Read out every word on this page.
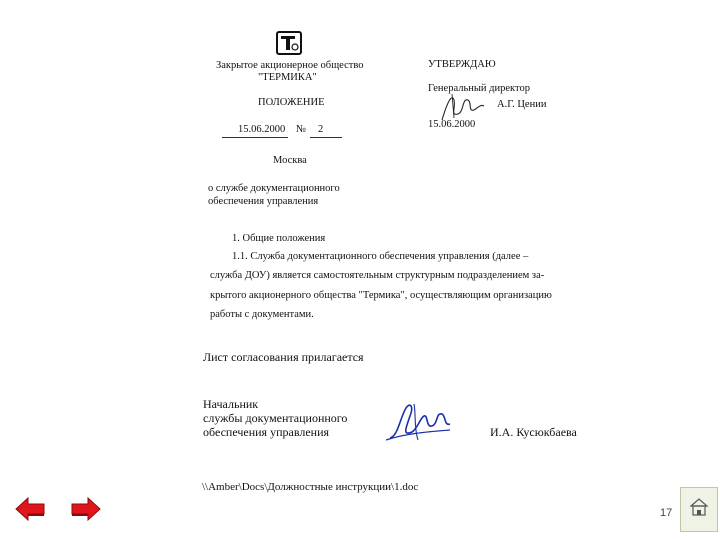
Закрытое акционерное общество
"ТЕРМИКА"
ПОЛОЖЕНИЕ
15.06.2000 № 2
Москва
УТВЕРЖДАЮ
Генеральный директор
А.Г. Цении
15.06.2000
о службе документационного
обеспечения управления
1. Общие положения
1.1. Служба документационного обеспечения управления (далее –
служба ДОУ) является самостоятельным структурным подразделением за-
крытого акционерного общества "Термика", осуществляющим организацию
работы с документами.
Лист согласования прилагается
Начальник
службы документационного
обеспечения управления	И.А. Кусюкбаева
\\Amber\Docs\Должностные инструкции\1.doc
17
